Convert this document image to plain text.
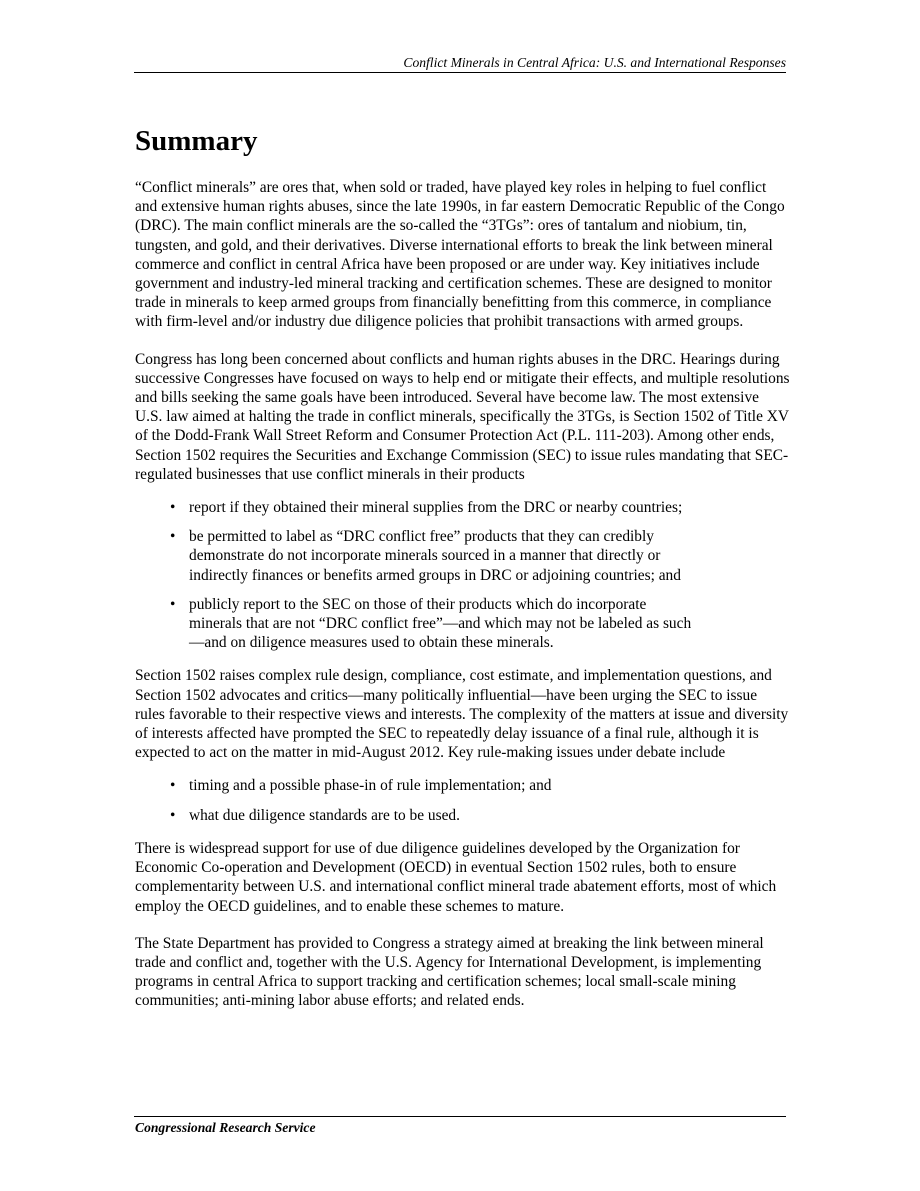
Conflict Minerals in Central Africa: U.S. and International Responses
Summary

“Conflict minerals” are ores that, when sold or traded, have played key roles in helping to fuel conflict and extensive human rights abuses, since the late 1990s, in far eastern Democratic Republic of the Congo (DRC). The main conflict minerals are the so-called the “3TGs”: ores of tantalum and niobium, tin, tungsten, and gold, and their derivatives. Diverse international efforts to break the link between mineral commerce and conflict in central Africa have been proposed or are under way. Key initiatives include government and industry-led mineral tracking and certification schemes. These are designed to monitor trade in minerals to keep armed groups from financially benefitting from this commerce, in compliance with firm-level and/or industry due diligence policies that prohibit transactions with armed groups.

Congress has long been concerned about conflicts and human rights abuses in the DRC. Hearings during successive Congresses have focused on ways to help end or mitigate their effects, and multiple resolutions and bills seeking the same goals have been introduced. Several have become law. The most extensive U.S. law aimed at halting the trade in conflict minerals, specifically the 3TGs, is Section 1502 of Title XV of the Dodd-Frank Wall Street Reform and Consumer Protection Act (P.L. 111-203). Among other ends, Section 1502 requires the Securities and Exchange Commission (SEC) to issue rules mandating that SEC-regulated businesses that use conflict minerals in their products

• report if they obtained their mineral supplies from the DRC or nearby countries;
• be permitted to label as “DRC conflict free” products that they can credibly demonstrate do not incorporate minerals sourced in a manner that directly or indirectly finances or benefits armed groups in DRC or adjoining countries; and
• publicly report to the SEC on those of their products which do incorporate minerals that are not “DRC conflict free”—and which may not be labeled as such—and on diligence measures used to obtain these minerals.

Section 1502 raises complex rule design, compliance, cost estimate, and implementation questions, and Section 1502 advocates and critics—many politically influential—have been urging the SEC to issue rules favorable to their respective views and interests. The complexity of the matters at issue and diversity of interests affected have prompted the SEC to repeatedly delay issuance of a final rule, although it is expected to act on the matter in mid-August 2012. Key rule-making issues under debate include

• timing and a possible phase-in of rule implementation; and
• what due diligence standards are to be used.

There is widespread support for use of due diligence guidelines developed by the Organization for Economic Co-operation and Development (OECD) in eventual Section 1502 rules, both to ensure complementarity between U.S. and international conflict mineral trade abatement efforts, most of which employ the OECD guidelines, and to enable these schemes to mature.

The State Department has provided to Congress a strategy aimed at breaking the link between mineral trade and conflict and, together with the U.S. Agency for International Development, is implementing programs in central Africa to support tracking and certification schemes; local small-scale mining communities; anti-mining labor abuse efforts; and related ends.

Congressional Research Service
